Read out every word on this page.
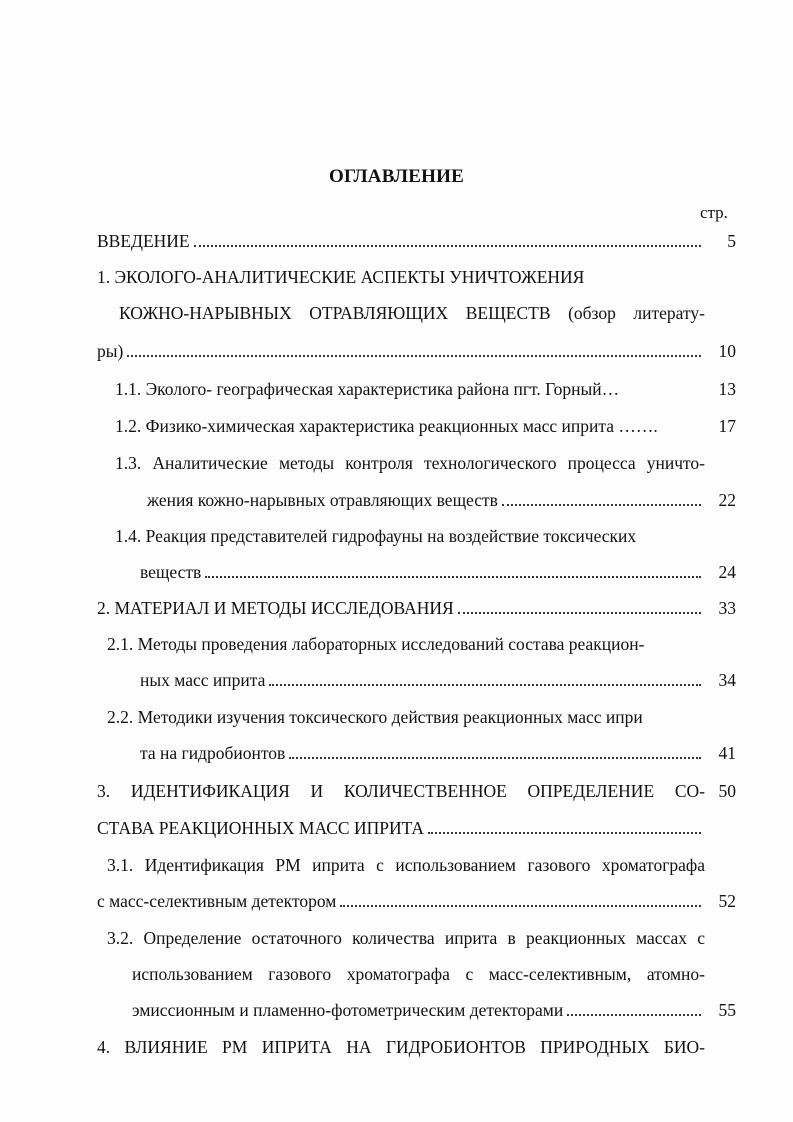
ОГЛАВЛЕНИЕ
стр.
ВВЕДЕНИЕ	5
1. ЭКОЛОГО-АНАЛИТИЧЕСКИЕ АСПЕКТЫ УНИЧТОЖЕНИЯ
КОЖНО-НАРЫВНЫХ ОТРАВЛЯЮЩИХ ВЕЩЕСТВ (обзор литерату-
ры)	10
1.1. Эколого- географическая характеристика района пгт. Горный…	13
1.2. Физико-химическая характеристика реакционных масс иприта …….	17
1.3. Аналитические методы контроля технологического процесса уничто-
жения кожно-нарывных отравляющих веществ	22
1.4. Реакция представителей гидрофауны на воздействие токсических
веществ	24
2. МАТЕРИАЛ И МЕТОДЫ ИССЛЕДОВАНИЯ	33
2.1. Методы проведения лабораторных исследований состава реакцион-
ных масс иприта	34
2.2. Методики изучения токсического действия реакционных масс ипри
та на гидробионтов	41
3. ИДЕНТИФИКАЦИЯ И КОЛИЧЕСТВЕННОЕ ОПРЕДЕЛЕНИЕ СО- 50
СТАВА РЕАКЦИОННЫХ МАСС ИПРИТА
3.1. Идентификация РМ иприта с использованием газового хроматографа
с масс-селективным детектором	52
3.2. Определение остаточного количества иприта в реакционных массах с
использованием газового хроматографа с масс-селективным, атомно-
эмиссионным и пламенно-фотометрическим детекторами	55
4. ВЛИЯНИЕ РМ ИПРИТА НА ГИДРОБИОНТОВ ПРИРОДНЫХ БИО-
